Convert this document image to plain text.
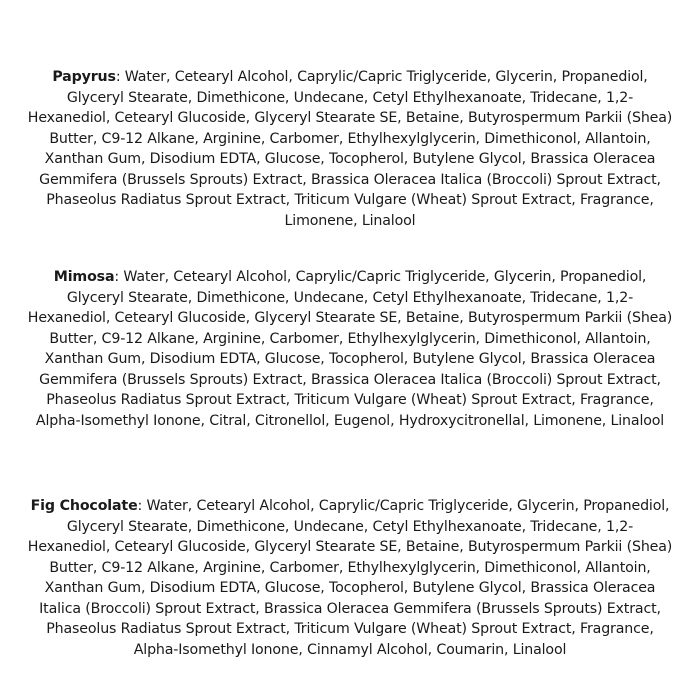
Papyrus: Water, Cetearyl Alcohol, Caprylic/Capric Triglyceride, Glycerin, Propanediol,
Glyceryl Stearate, Dimethicone, Undecane, Cetyl Ethylhexanoate, Tridecane, 1,2-
Hexanediol, Cetearyl Glucoside, Glyceryl Stearate SE, Betaine, Butyrospermum Parkii (Shea)
Butter, C9-12 Alkane, Arginine, Carbomer, Ethylhexylglycerin, Dimethiconol, Allantoin,
Xanthan Gum, Disodium EDTA, Glucose, Tocopherol, Butylene Glycol, Brassica Oleracea
Gemmifera (Brussels Sprouts) Extract, Brassica Oleracea Italica (Broccoli) Sprout Extract,
Phaseolus Radiatus Sprout Extract, Triticum Vulgare (Wheat) Sprout Extract, Fragrance,
Limonene, Linalool
Mimosa: Water, Cetearyl Alcohol, Caprylic/Capric Triglyceride, Glycerin, Propanediol,
Glyceryl Stearate, Dimethicone, Undecane, Cetyl Ethylhexanoate, Tridecane, 1,2-
Hexanediol, Cetearyl Glucoside, Glyceryl Stearate SE, Betaine, Butyrospermum Parkii (Shea)
Butter, C9-12 Alkane, Arginine, Carbomer, Ethylhexylglycerin, Dimethiconol, Allantoin,
Xanthan Gum, Disodium EDTA, Glucose, Tocopherol, Butylene Glycol, Brassica Oleracea
Gemmifera (Brussels Sprouts) Extract, Brassica Oleracea Italica (Broccoli) Sprout Extract,
Phaseolus Radiatus Sprout Extract, Triticum Vulgare (Wheat) Sprout Extract, Fragrance,
Alpha-Isomethyl Ionone, Citral, Citronellol, Eugenol, Hydroxycitronellal, Limonene, Linalool
Fig Chocolate: Water, Cetearyl Alcohol, Caprylic/Capric Triglyceride, Glycerin, Propanediol,
Glyceryl Stearate, Dimethicone, Undecane, Cetyl Ethylhexanoate, Tridecane, 1,2-
Hexanediol, Cetearyl Glucoside, Glyceryl Stearate SE, Betaine, Butyrospermum Parkii (Shea)
Butter, C9-12 Alkane, Arginine, Carbomer, Ethylhexylglycerin, Dimethiconol, Allantoin,
Xanthan Gum, Disodium EDTA, Glucose, Tocopherol, Butylene Glycol, Brassica Oleracea
Italica (Broccoli) Sprout Extract, Brassica Oleracea Gemmifera (Brussels Sprouts) Extract,
Phaseolus Radiatus Sprout Extract, Triticum Vulgare (Wheat) Sprout Extract, Fragrance,
Alpha-Isomethyl Ionone, Cinnamyl Alcohol, Coumarin, Linalool
